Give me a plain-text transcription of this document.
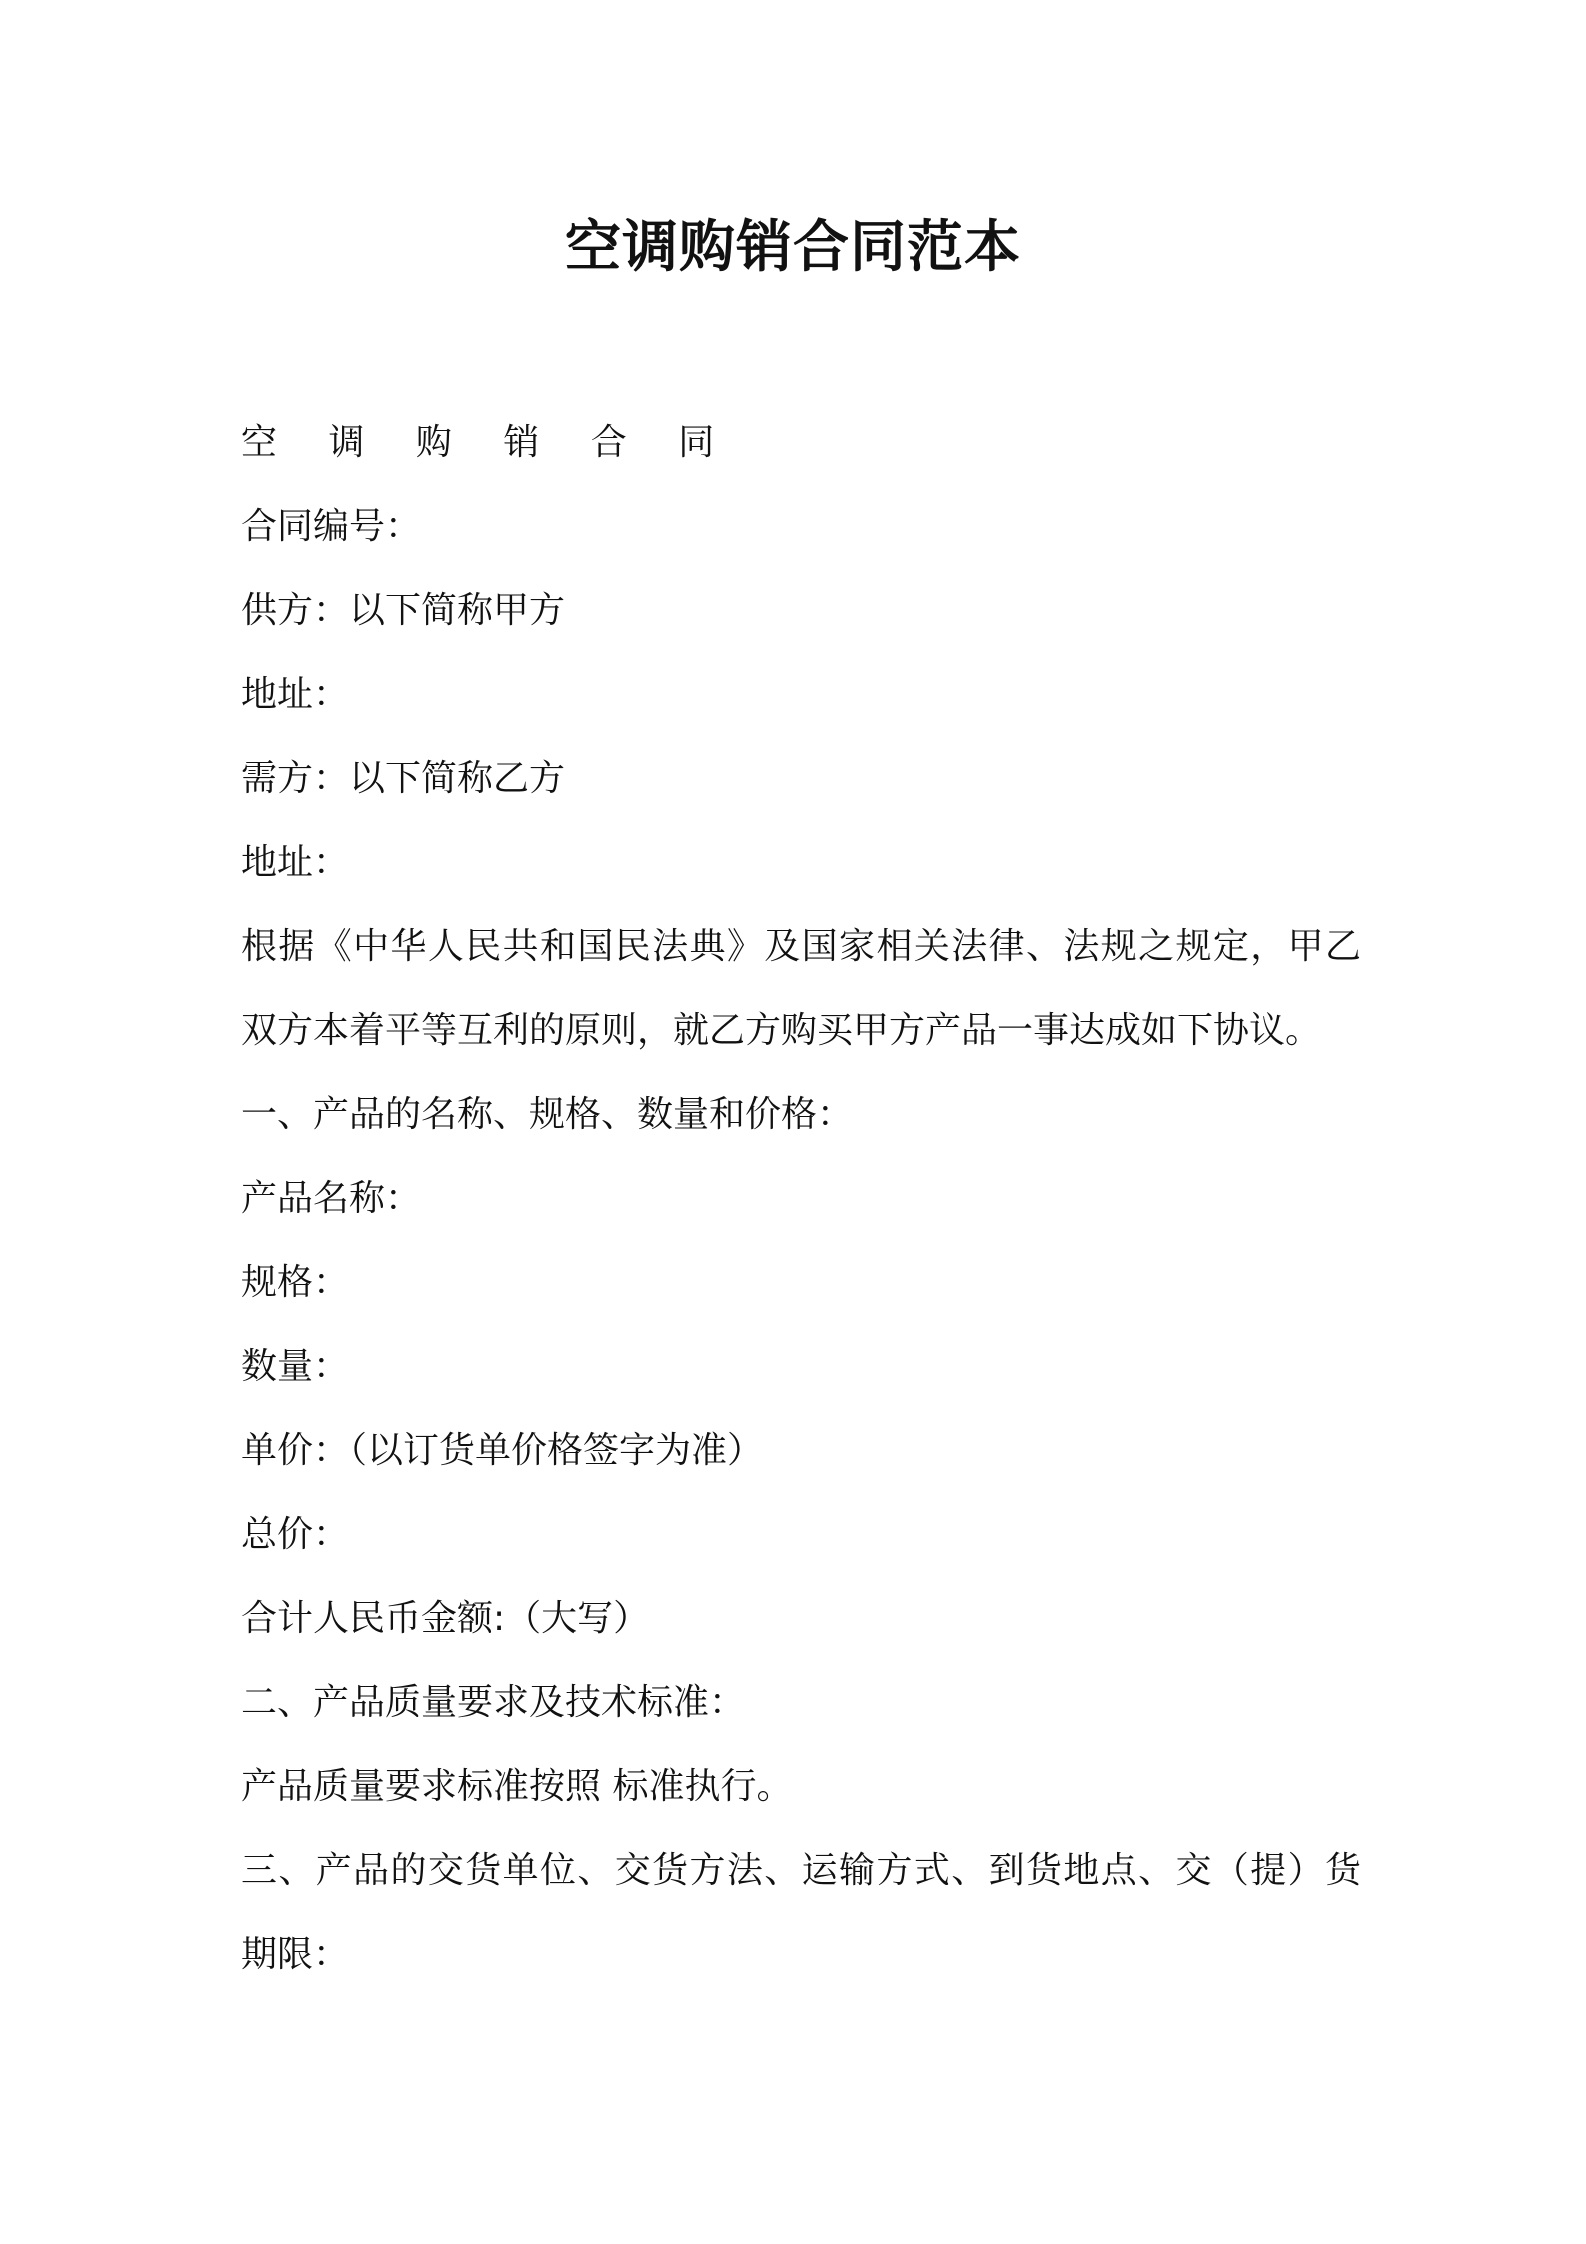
空调购销合同范本

空 调 购 销 合 同

合同编号：

供方：以下简称甲方

地址：

需方：以下简称乙方

地址：

根据《中华人民共和国民法典》及国家相关法律、法规之规定，甲乙

双方本着平等互利的原则，就乙方购买甲方产品一事达成如下协议。

一、产品的名称、规格、数量和价格：

产品名称：

规格：

数量：

单价：（以订货单价格签字为准）

总价：

合计人民币金额:（大写）

二、产品质量要求及技术标准：

产品质量要求标准按照 标准执行。

三、产品的交货单位、交货方法、运输方式、到货地点、交（提）货

期限：
